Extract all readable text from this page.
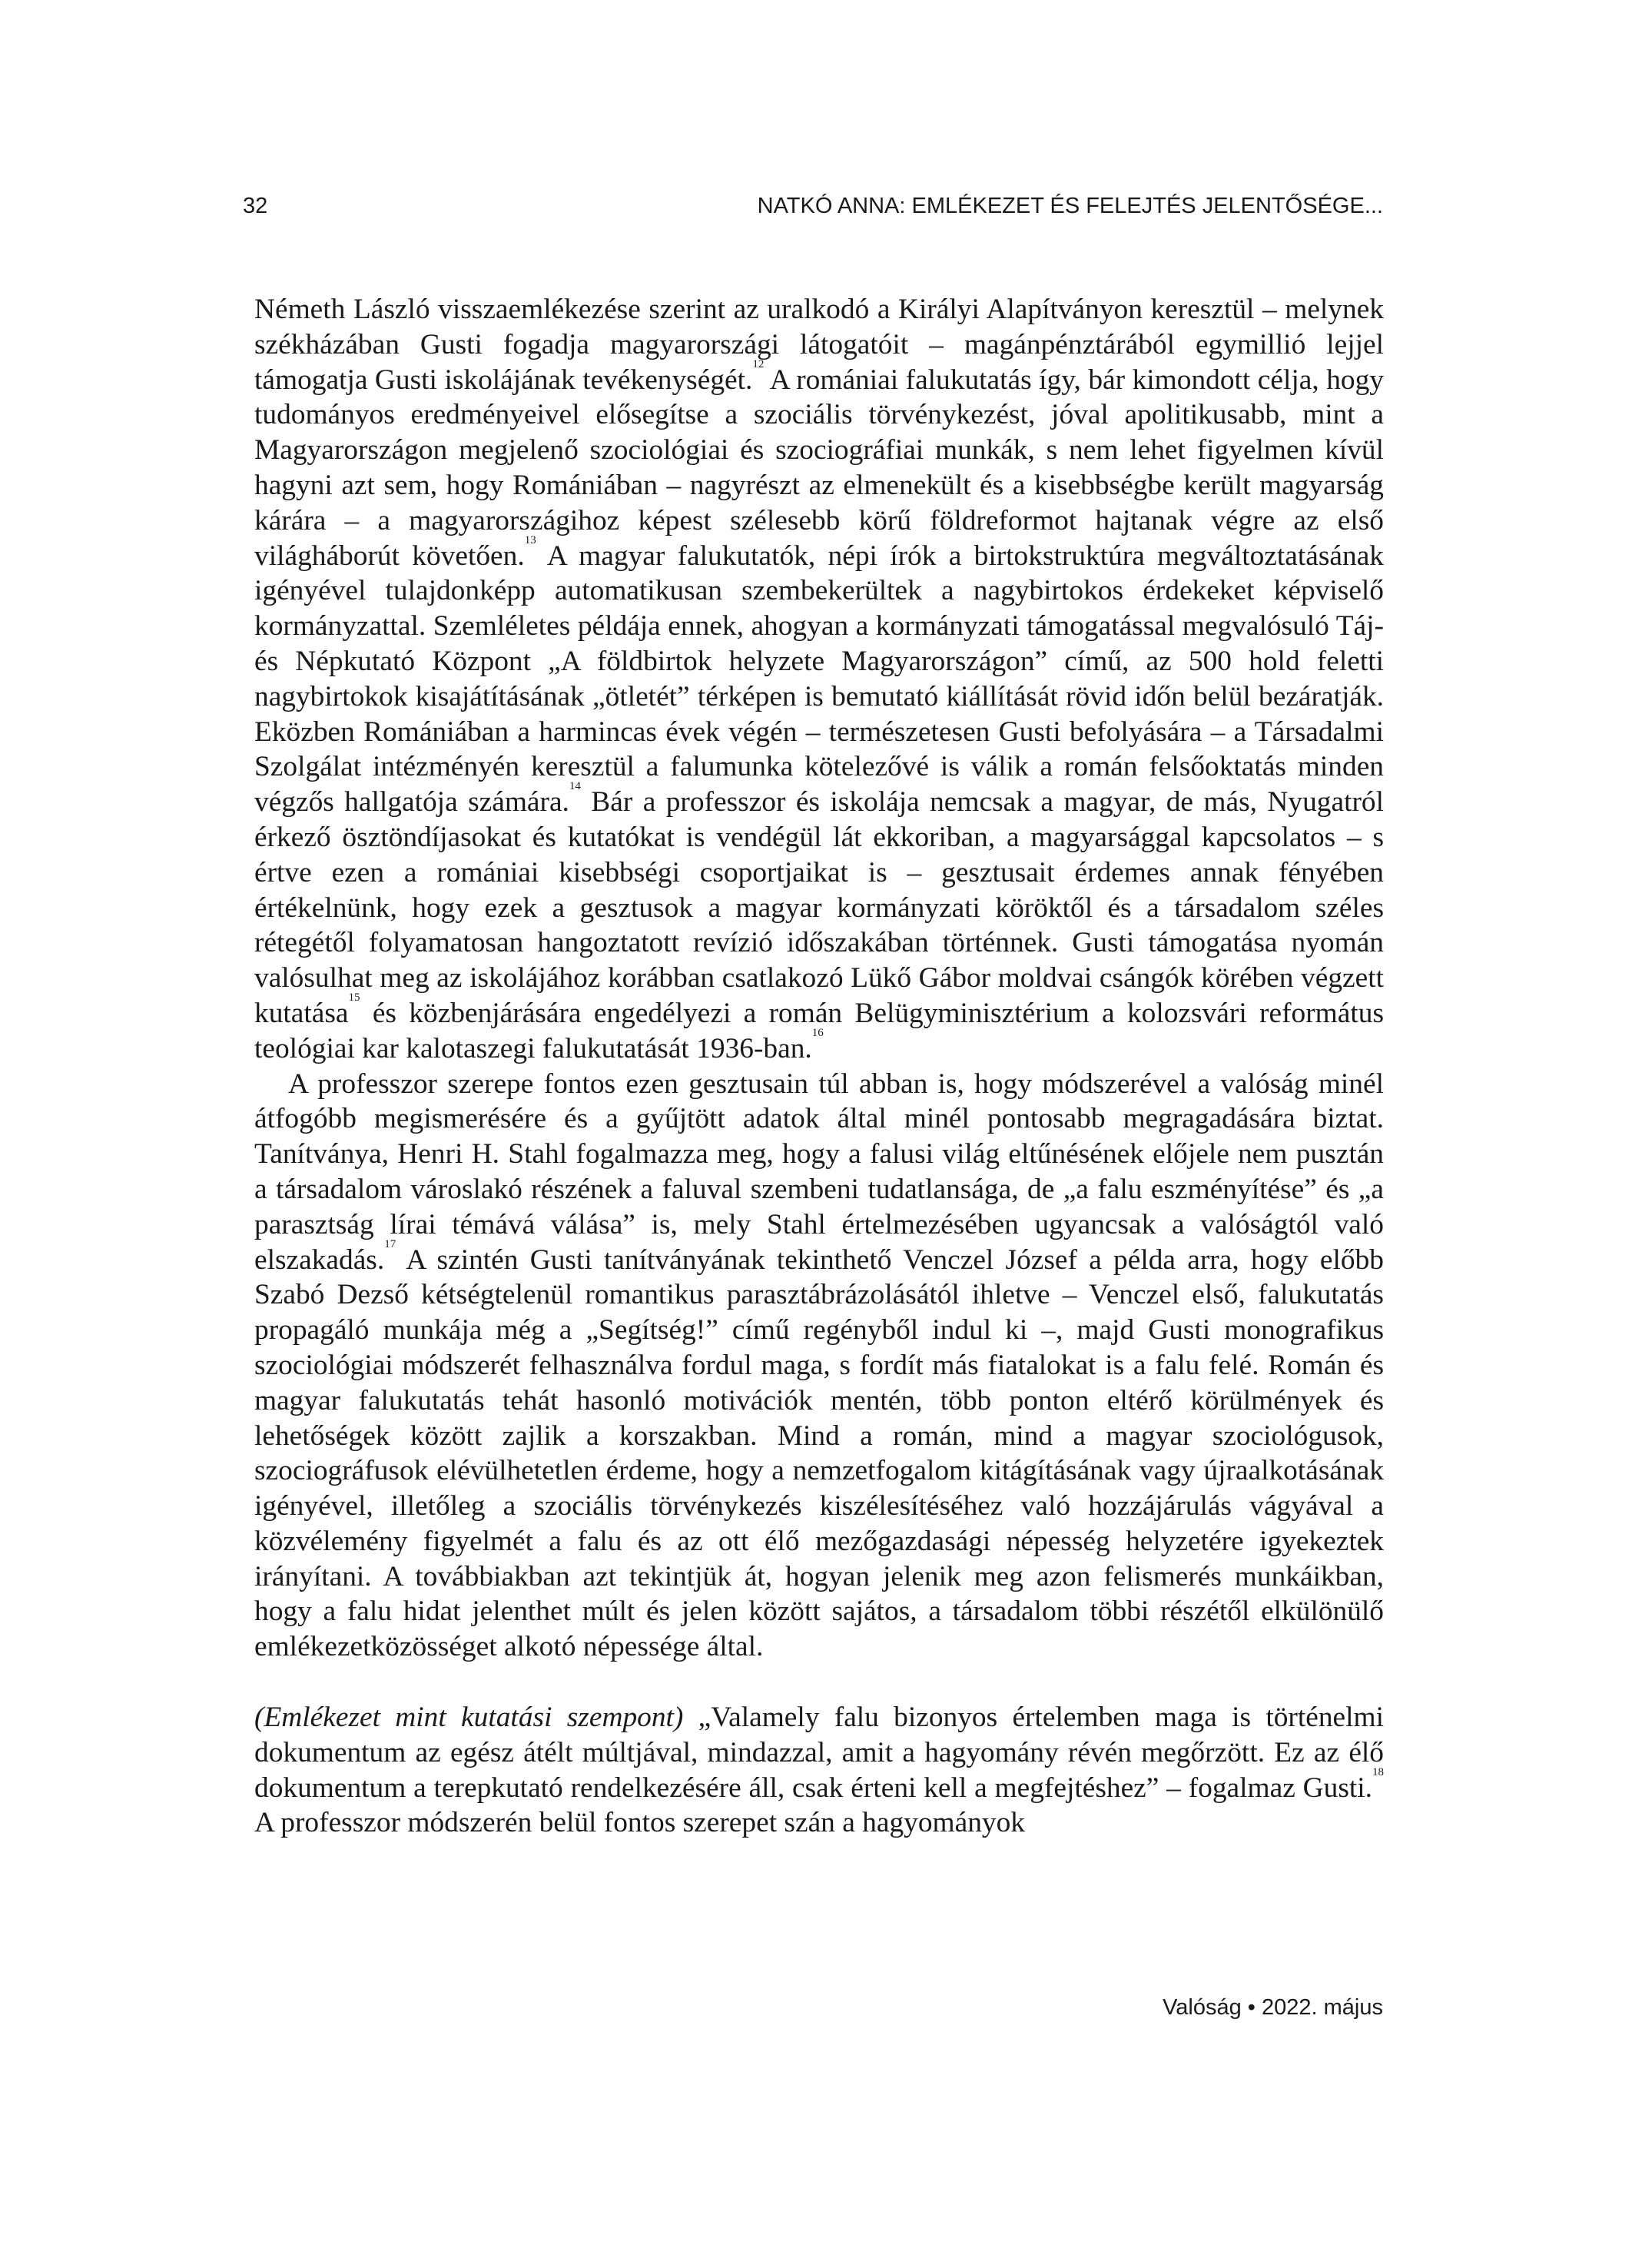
32	NATKÓ ANNA: EMLÉKEZET ÉS FELEJTÉS JELENTŐSÉGE...

Németh László visszaemlékezése szerint az uralkodó a Királyi Alapítványon keresztül – melynek székházában Gusti fogadja magyarországi látogatóit – magánpénztárából egymillió lejjel támogatja Gusti iskolájának tevékenységét.$^{12}$ A romániai falukutatás így, bár kimondott célja, hogy tudományos eredményeivel elősegítse a szociális törvénykezést, jóval apolitikusabb, mint a Magyarországon megjelenő szociológiai és szociográfiai munkák, s nem lehet figyelmen kívül hagyni azt sem, hogy Romániában – nagyrészt az elmenekült és a kisebbségbe került magyarság kárára – a magyarországihoz képest szélesebb körű földreformot hajtanak végre az első világháborút követően.$^{13}$ A magyar falukutatók, népi írók a birtokstruktúra megváltoztatásának igényével tulajdonképp automatikusan szembekerültek a nagybirtokos érdekeket képviselő kormányzattal. Szemléletes példája ennek, ahogyan a kormányzati támogatással megvalósuló Táj- és Népkutató Központ „A földbirtok helyzete Magyarországon” című, az 500 hold feletti nagybirtokok kisajátításának „ötletét” térképen is bemutató kiállítását rövid időn belül bezáratják. Eközben Romániában a harmincas évek végén – természetesen Gusti befolyására – a Társadalmi Szolgálat intézményén keresztül a falumunka kötelezővé is válik a román felsőoktatás minden végzős hallgatója számára.$^{14}$ Bár a professzor és iskolája nemcsak a magyar, de más, Nyugatról érkező ösztöndíjasokat és kutatókat is vendégül lát ekkoriban, a magyarsággal kapcsolatos – s értve ezen a romániai kisebbségi csoportjaikat is – gesztusait érdemes annak fényében értékelnünk, hogy ezek a gesztusok a magyar kormányzati köröktől és a társadalom széles rétegétől folyamatosan hangoztatott revízió időszakában történnek. Gusti támogatása nyomán valósulhat meg az iskolájához korábban csatlakozó Lükő Gábor moldvai csángók körében végzett kutatása$^{15}$ és közbenjárására engedélyezi a román Belügyminisztérium a kolozsvári református teológiai kar kalotaszegi falukutatását 1936-ban.$^{16}$

A professzor szerepe fontos ezen gesztusain túl abban is, hogy módszerével a valóság minél átfogóbb megismerésére és a gyűjtött adatok által minél pontosabb megragadására biztat. Tanítványa, Henri H. Stahl fogalmazza meg, hogy a falusi világ eltűnésének előjele nem pusztán a társadalom városlakó részének a faluval szembeni tudatlansága, de „a falu eszményítése” és „a parasztság lírai témává válása” is, mely Stahl értelmezésében ugyancsak a valóságtól való elszakadás.$^{17}$ A szintén Gusti tanítványának tekinthető Venczel József a példa arra, hogy előbb Szabó Dezső kétségtelenül romantikus parasztábrázolásától ihletve – Venczel első, falukutatás propagáló munkája még a „Segítség!” című regényből indul ki –, majd Gusti monografikus szociológiai módszerét felhasználva fordul maga, s fordít más fiatalokat is a falu felé. Román és magyar falukutatás tehát hasonló motivációk mentén, több ponton eltérő körülmények és lehetőségek között zajlik a korszakban. Mind a román, mind a magyar szociológusok, szociográfusok elévülhetetlen érdeme, hogy a nemzetfogalom kitágításának vagy újraalkotásának igényével, illetőleg a szociális törvénykezés kiszélesítéséhez való hozzájárulás vágyával a közvélemény figyelmét a falu és az ott élő mezőgazdasági népesség helyzetére igyekeztek irányítani. A továbbiakban azt tekintjük át, hogyan jelenik meg azon felismerés munkáikban, hogy a falu hidat jelenthet múlt és jelen között sajátos, a társadalom többi részétől elkülönülő emlékezetközösséget alkotó népessége által.

(Emlékezet mint kutatási szempont) „Valamely falu bizonyos értelemben maga is történelmi dokumentum az egész átélt múltjával, mindazzal, amit a hagyomány révén megőrzött. Ez az élő dokumentum a terepkutató rendelkezésére áll, csak érteni kell a megfejtéshez” – fogalmaz Gusti.$^{18}$ A professzor módszerén belül fontos szerepet szán a hagyományok

Valóság • 2022. május
